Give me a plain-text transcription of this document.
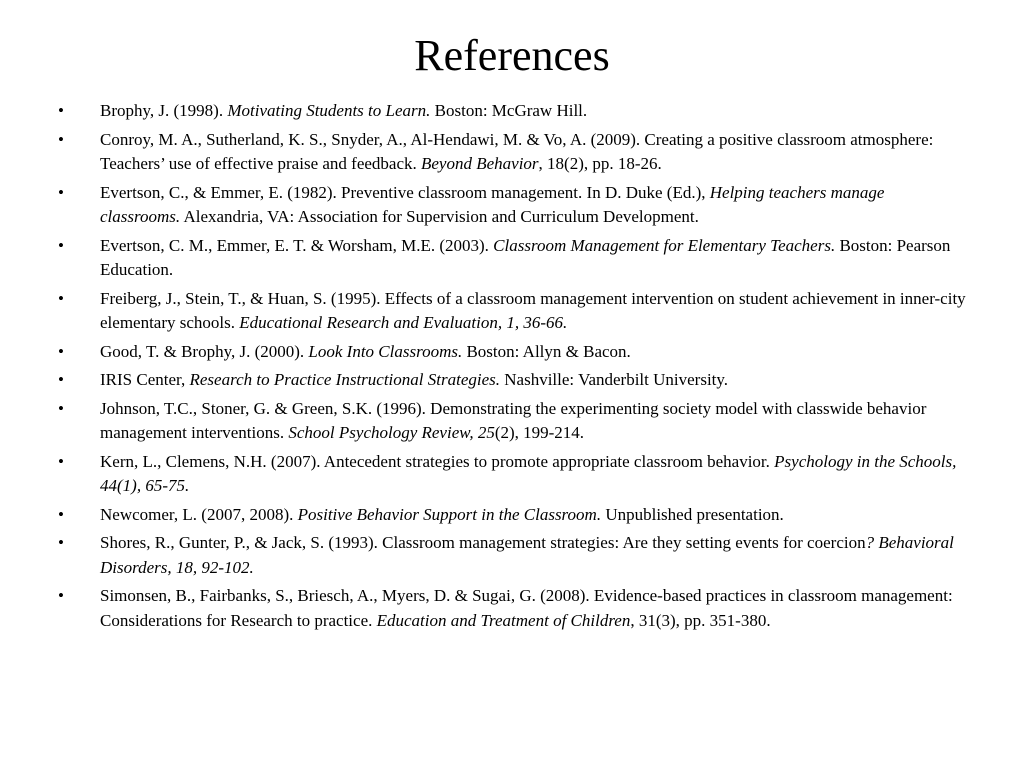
References
• Brophy, J. (1998). Motivating Students to Learn. Boston: McGraw Hill.
• Conroy, M. A., Sutherland, K. S., Snyder, A., Al-Hendawi, M. & Vo, A. (2009). Creating a positive classroom atmosphere: Teachers’ use of effective praise and feedback. Beyond Behavior, 18(2), pp. 18-26.
• Evertson, C., & Emmer, E. (1982). Preventive classroom management. In D. Duke (Ed.), Helping teachers manage classrooms. Alexandria, VA: Association for Supervision and Curriculum Development.
• Evertson, C. M., Emmer, E. T. & Worsham, M.E. (2003). Classroom Management for Elementary Teachers. Boston: Pearson Education.
• Freiberg, J., Stein, T., & Huan, S. (1995). Effects of a classroom management intervention on student achievement in inner-city elementary schools. Educational Research and Evaluation, 1, 36-66.
• Good, T. & Brophy, J. (2000). Look Into Classrooms. Boston: Allyn & Bacon.
• IRIS Center, Research to Practice Instructional Strategies. Nashville: Vanderbilt University.
• Johnson, T.C., Stoner, G. & Green, S.K. (1996). Demonstrating the experimenting society model with classwide behavior management interventions. School Psychology Review, 25(2), 199-214.
• Kern, L., Clemens, N.H. (2007). Antecedent strategies to promote appropriate classroom behavior. Psychology in the Schools, 44(1), 65-75.
• Newcomer, L. (2007, 2008). Positive Behavior Support in the Classroom. Unpublished presentation.
• Shores, R., Gunter, P., & Jack, S. (1993). Classroom management strategies: Are they setting events for coercion? Behavioral Disorders, 18, 92-102.
• Simonsen, B., Fairbanks, S., Briesch, A., Myers, D. & Sugai, G. (2008). Evidence-based practices in classroom management: Considerations for Research to practice. Education and Treatment of Children, 31(3), pp. 351-380.
